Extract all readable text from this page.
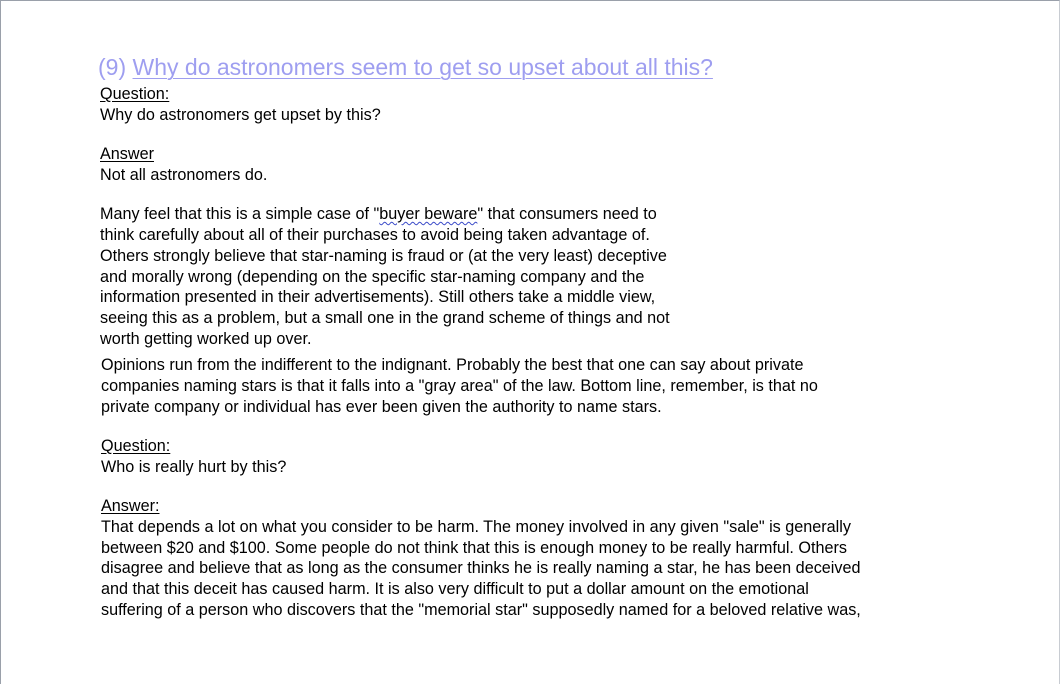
(9) Why do astronomers seem to get so upset about all this?
Question:
Why do astronomers get upset by this?
Answer
Not all astronomers do.
Many feel that this is a simple case of "buyer beware" that consumers need to
think carefully about all of their purchases to avoid being taken advantage of.
Others strongly believe that star-naming is fraud or (at the very least) deceptive
and morally wrong (depending on the specific star-naming company and the
information presented in their advertisements). Still others take a middle view,
seeing this as a problem, but a small one in the grand scheme of things and not
worth getting worked up over.
Opinions run from the indifferent to the indignant. Probably the best that one can say about private
companies naming stars is that it falls into a "gray area" of the law. Bottom line, remember, is that no
private company or individual has ever been given the authority to name stars.
Question:
Who is really hurt by this?
Answer:
That depends a lot on what you consider to be harm. The money involved in any given "sale" is generally
between $20 and $100. Some people do not think that this is enough money to be really harmful. Others
disagree and believe that as long as the consumer thinks he is really naming a star, he has been deceived
and that this deceit has caused harm. It is also very difficult to put a dollar amount on the emotional
suffering of a person who discovers that the "memorial star" supposedly named for a beloved relative was,
